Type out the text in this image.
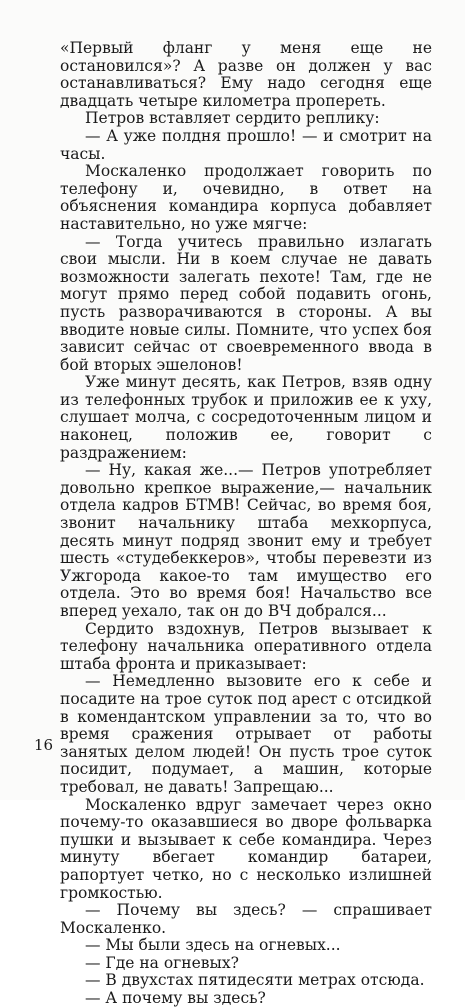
«Первый фланг у меня еще не остановился»? А разве он должен у вас останавливаться? Ему надо сегодня еще двадцать четыре километра пропереть.

Петров вставляет сердито реплику:

— А уже полдня прошло! — и смотрит на часы.

Москаленко продолжает говорить по телефону и, очевидно, в ответ на объяснения командира корпуса добавляет наставительно, но уже мягче:

— Тогда учитесь правильно излагать свои мысли. Ни в коем случае не давать возможности залегать пехоте! Там, где не могут прямо перед собой подавить огонь, пусть разворачиваются в стороны. А вы вводите новые силы. Помните, что успех боя зависит сейчас от своевременного ввода в бой вторых эшелонов!

Уже минут десять, как Петров, взяв одну из телефонных трубок и приложив ее к уху, слушает молча, с сосредоточенным лицом и наконец, положив ее, говорит с раздражением:

— Ну, какая же...— Петров употребляет довольно крепкое выражение,— начальник отдела кадров БТМВ! Сейчас, во время боя, звонит начальнику штаба мехкорпуса, десять минут подряд звонит ему и требует шесть «студебеккеров», чтобы перевезти из Ужгорода какое-то там имущество его отдела. Это во время боя! Начальство все вперед уехало, так он до ВЧ добрался...

Сердито вздохнув, Петров вызывает к телефону начальника оперативного отдела штаба фронта и приказывает:

— Немедленно вызовите его к себе и посадите на трое суток под арест с отсидкой в комендантском управлении за то, что во время сражения отрывает от работы занятых делом людей! Он пусть трое суток посидит, подумает, а машин, которые требовал, не давать! Запрещаю...

Москаленко вдруг замечает через окно почему-то оказавшиеся во дворе фольварка пушки и вызывает к себе командира. Через минуту вбегает командир батареи, рапортует четко, но с несколько излишней громкостью.

— Почему вы здесь? — спрашивает Москаленко.

— Мы были здесь на огневых...

— Где на огневых?

— В двухстах пятидесяти метрах отсюда.

— А почему вы здесь?

16
